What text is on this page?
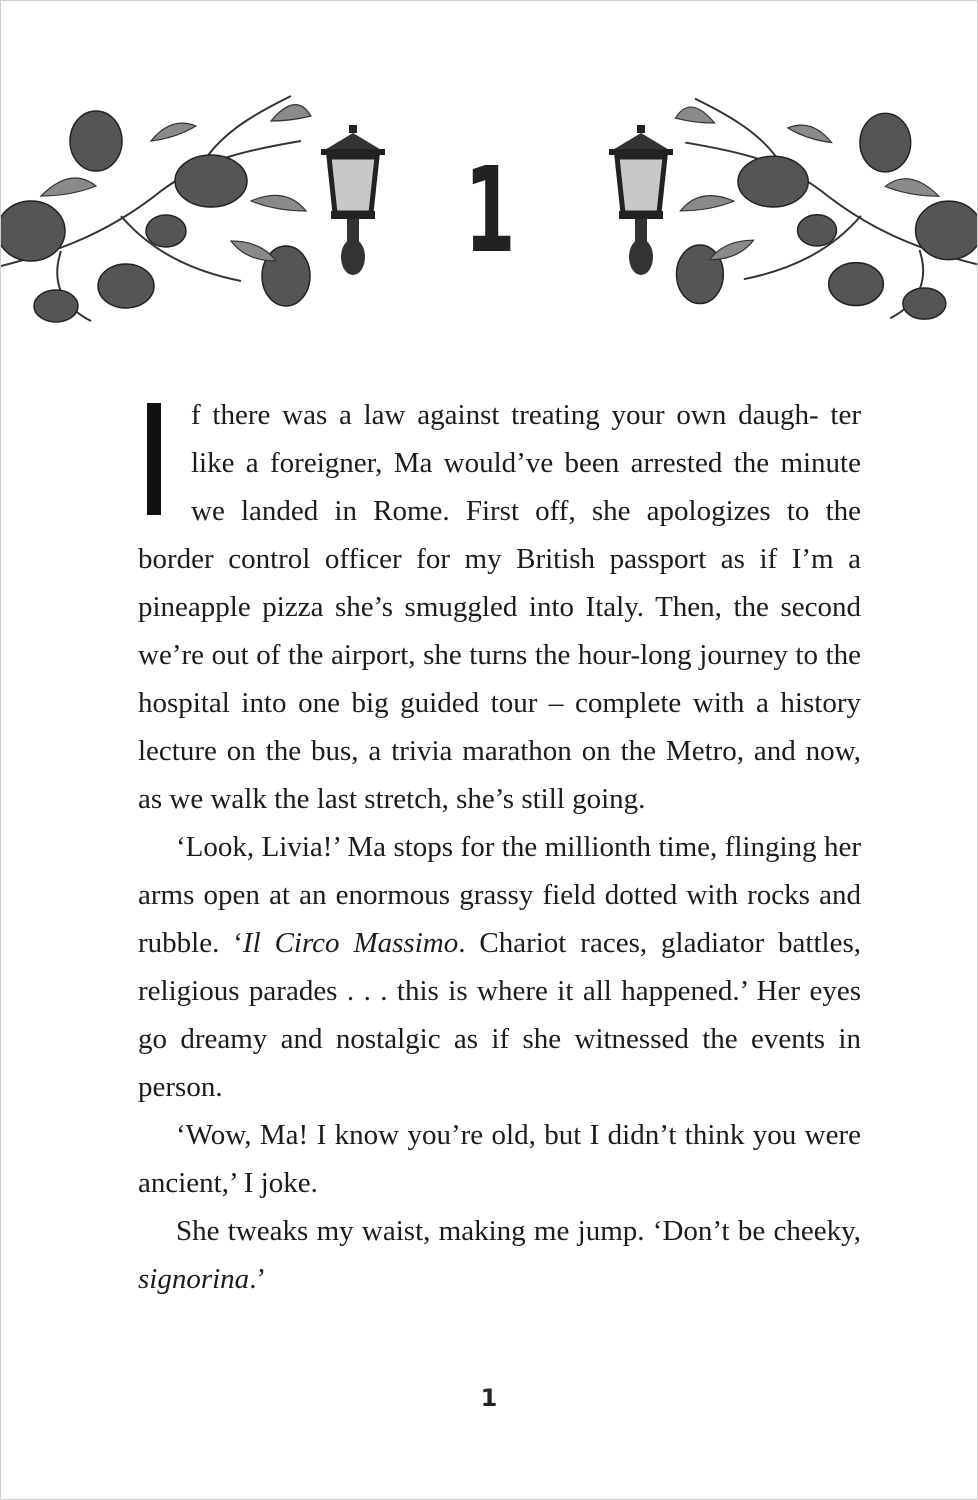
1

f there was a law against treating your own daugh- ter like a foreigner, Ma would’ve been arrested the minute we landed in Rome. First off, she apologizes to the border control officer for my British passport as if I’m a pineapple pizza she’s smuggled into Italy. Then, the second we’re out of the airport, she turns the hour-long journey to the hospital into one big guided tour – complete with a history lecture on the bus, a trivia marathon on the Metro, and now, as we walk the last stretch, she’s still going.

‘Look, Livia!’ Ma stops for the millionth time, flinging her arms open at an enormous grassy field dotted with rocks and rubble. ‘Il Circo Massimo. Chariot races, gladiator battles, religious parades . . . this is where it all happened.’ Her eyes go dreamy and nostalgic as if she witnessed the events in person.

‘Wow, Ma! I know you’re old, but I didn’t think you were ancient,’ I joke.

She tweaks my waist, making me jump. ‘Don’t be cheeky, signorina.’

1
